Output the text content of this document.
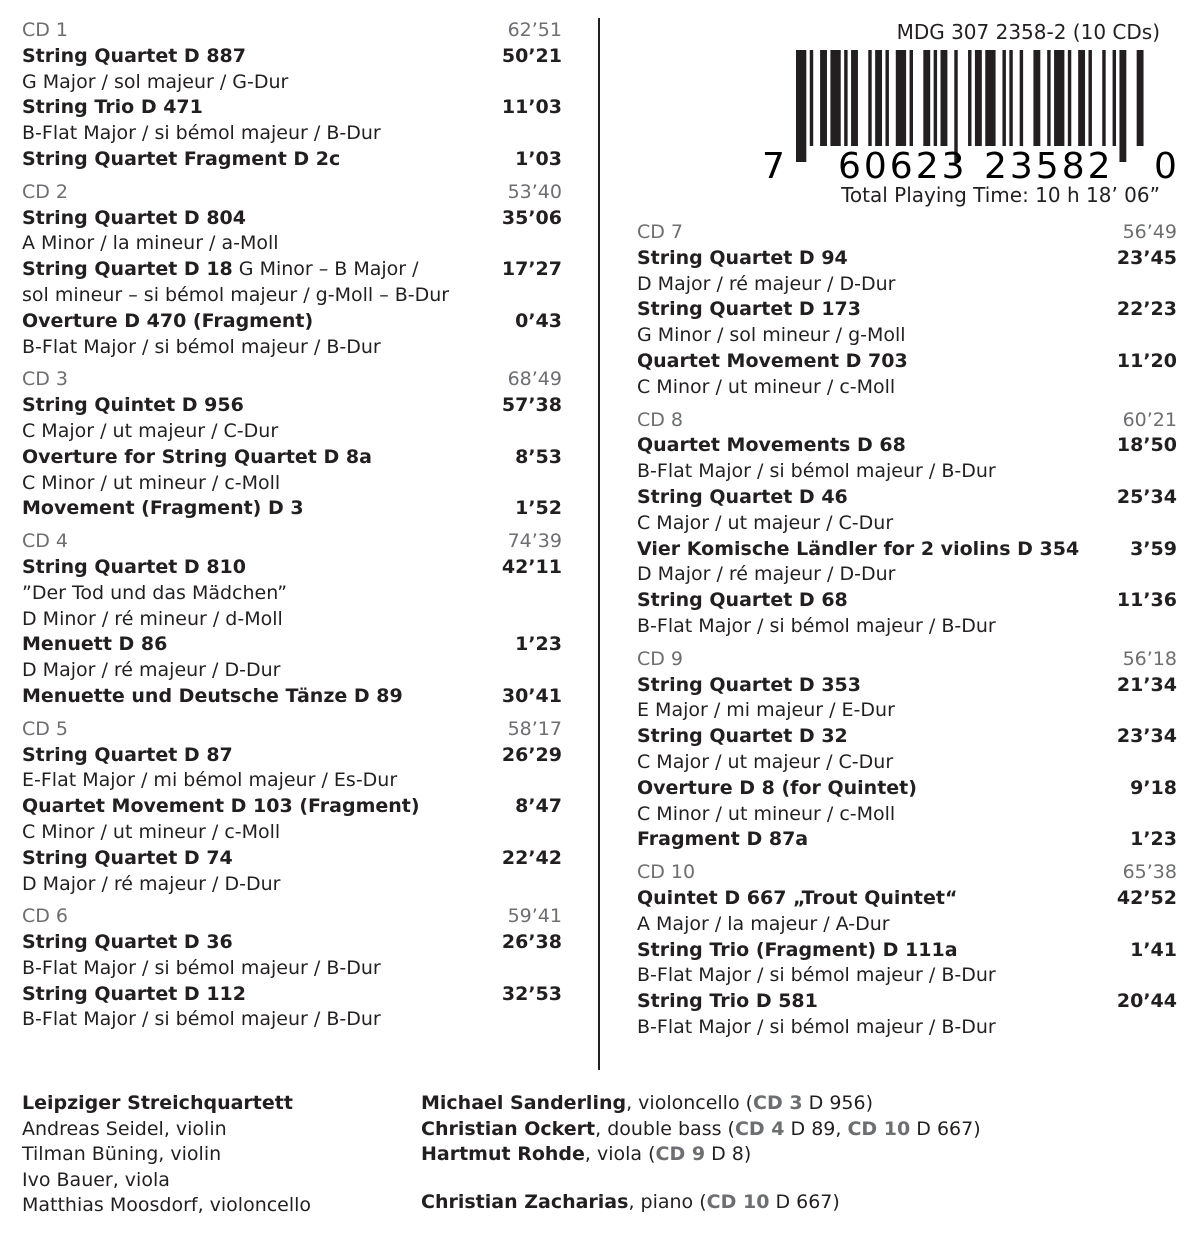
CD 1	62’51
String Quartet D 887	50’21
G Major / sol majeur / G-Dur
String Trio D 471	11’03
B-Flat Major / si bémol majeur / B-Dur
String Quartet Fragment D 2c	1’03
CD 2	53’40
String Quartet D 804	35’06
A Minor / la mineur / a-Moll
String Quartet D 18 G Minor – B Major /	17’27
sol mineur – si bémol majeur / g-Moll – B-Dur
Overture D 470 (Fragment)	0’43
B-Flat Major / si bémol majeur / B-Dur
CD 3	68’49
String Quintet D 956	57’38
C Major / ut majeur / C-Dur
Overture for String Quartet D 8a	8’53
C Minor / ut mineur / c-Moll
Movement (Fragment) D 3	1’52
CD 4	74’39
String Quartet D 810	42’11
”Der Tod und das Mädchen”
D Minor / ré mineur / d-Moll
Menuett D 86	1’23
D Major / ré majeur / D-Dur
Menuette und Deutsche Tänze D 89	30’41
CD 5	58’17
String Quartet D 87	26’29
E-Flat Major / mi bémol majeur / Es-Dur
Quartet Movement D 103 (Fragment)	8’47
C Minor / ut mineur / c-Moll
String Quartet D 74	22’42
D Major / ré majeur / D-Dur
CD 6	59’41
String Quartet D 36	26’38
B-Flat Major / si bémol majeur / B-Dur
String Quartet D 112	32’53
B-Flat Major / si bémol majeur / B-Dur
MDG 307 2358-2 (10 CDs)
7 60623 23582 0
Total Playing Time: 10 h 18’ 06”
CD 7	56’49
String Quartet D 94	23’45
D Major / ré majeur / D-Dur
String Quartet D 173	22’23
G Minor / sol mineur / g-Moll
Quartet Movement D 703	11’20
C Minor / ut mineur / c-Moll
CD 8	60’21
Quartet Movements D 68	18’50
B-Flat Major / si bémol majeur / B-Dur
String Quartet D 46	25’34
C Major / ut majeur / C-Dur
Vier Komische Ländler for 2 violins D 354	3’59
D Major / ré majeur / D-Dur
String Quartet D 68	11’36
B-Flat Major / si bémol majeur / B-Dur
CD 9	56’18
String Quartet D 353	21’34
E Major / mi majeur / E-Dur
String Quartet D 32	23’34
C Major / ut majeur / C-Dur
Overture D 8 (for Quintet)	9’18
C Minor / ut mineur / c-Moll
Fragment D 87a	1’23
CD 10	65’38
Quintet D 667 „Trout Quintet“	42’52
A Major / la majeur / A-Dur
String Trio (Fragment) D 111a	1’41
B-Flat Major / si bémol majeur / B-Dur
String Trio D 581	20’44
B-Flat Major / si bémol majeur / B-Dur
Leipziger Streichquartett
Andreas Seidel, violin
Tilman Büning, violin
Ivo Bauer, viola
Matthias Moosdorf, violoncello
Michael Sanderling, violoncello (CD 3 D 956)
Christian Ockert, double bass (CD 4 D 89, CD 10 D 667)
Hartmut Rohde, viola (CD 9 D 8)
Christian Zacharias, piano (CD 10 D 667)
